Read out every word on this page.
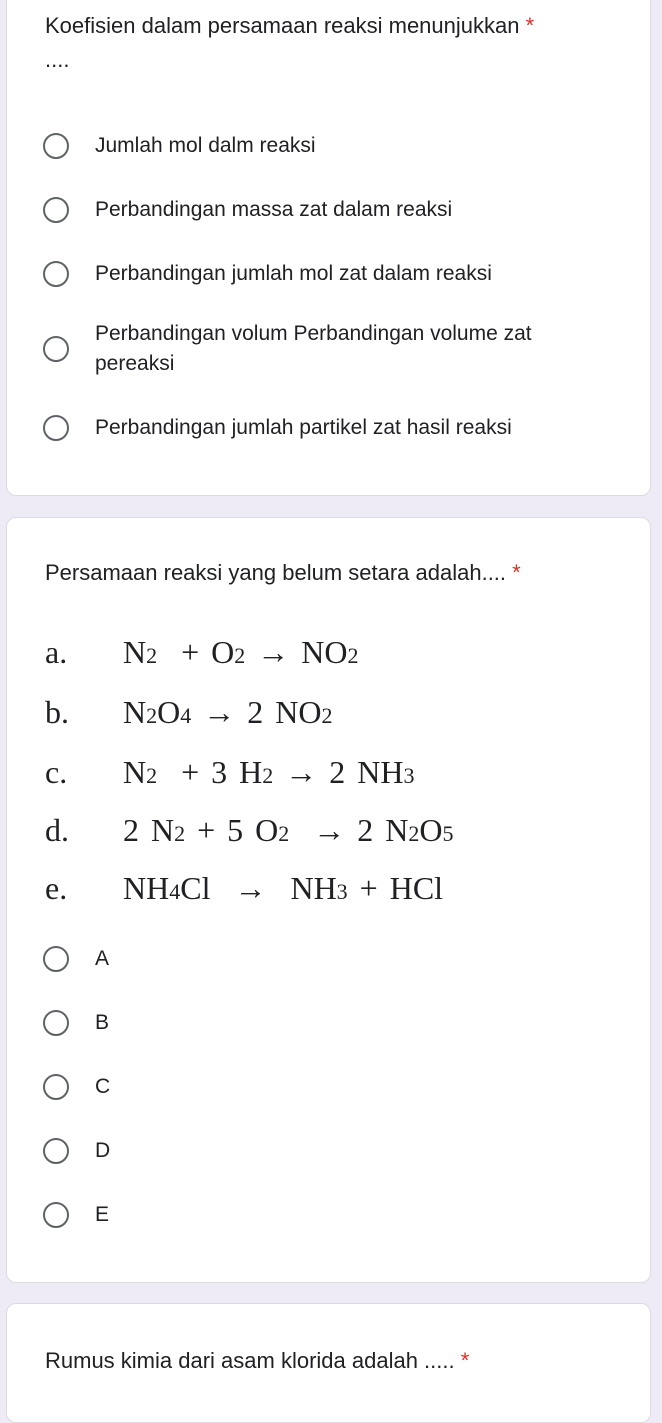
Koefisien dalam persamaan reaksi menunjukkan *
....
Jumlah mol dalm reaksi
Perbandingan massa zat dalam reaksi
Perbandingan jumlah mol zat dalam reaksi
Perbandingan volum Perbandingan volume zat pereaksi
Perbandingan jumlah partikel zat hasil reaksi
Persamaan reaksi yang belum setara adalah.... *
a.	N 2 + O 2 → NO 2
b.	N 2 O 4 → 2 NO 2
c.	N 2 + 3 H 2 → 2 NH 3
d.	2 N 2 + 5 O 2 → 2 N 2 O 5
e.	NH 4 Cl → NH 3 + HCl
A
B
C
D
E
Rumus kimia dari asam klorida adalah ..... *
